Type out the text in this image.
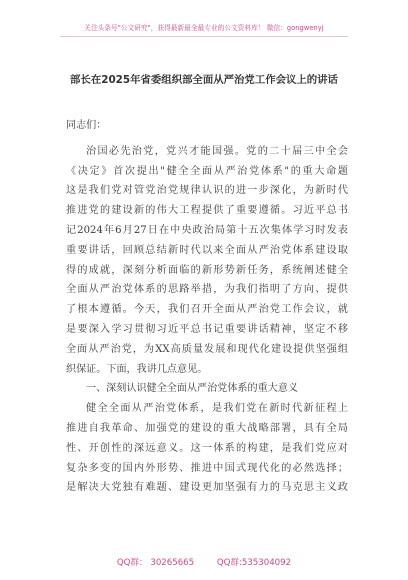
关注头条号"公文研究"，获得最新最全最专业的公文资料库！ 微信：gongwenyj
部长在2025年省委组织部全面从严治党工作会议上的讲话
同志们：
治国必先治党，党兴才能国强。党的二十届三中全会
《决定》首次提出"健全全面从严治党体系"的重大命题
这是我们党对管党治党规律认识的进一步深化，为新时代
推进党的建设新的伟大工程提供了重要遵循。习近平总书
记2024年6月27日在中央政治局第十五次集体学习时发表
重要讲话，回顾总结新时代以来全面从严治党体系建设取
得的成就，深刻分析面临的新形势新任务，系统阐述健全
全面从严治党体系的思路举措，为我们指明了方向、提供
了根本遵循。今天，我们召开全面从严治党工作会议，就
是要深入学习贯彻习近平总书记重要讲话精神，坚定不移
全面从严治党，为XX高质量发展和现代化建设提供坚强组
织保证。下面，我讲几点意见。
一、深刻认识健全全面从严治党体系的重大意义
健全全面从严治党体系，是我们党在新时代新征程上
推进自我革命、加强党的建设的重大战略部署，具有全局
性、开创性的深远意义。这一体系的构建，是我们党应对
复杂多变的国内外形势、推进中国式现代化的必然选择；
是解决大党独有难题、建设更加坚强有力的马克思主义政
QQ群： 30265665	QQ群:535304092
